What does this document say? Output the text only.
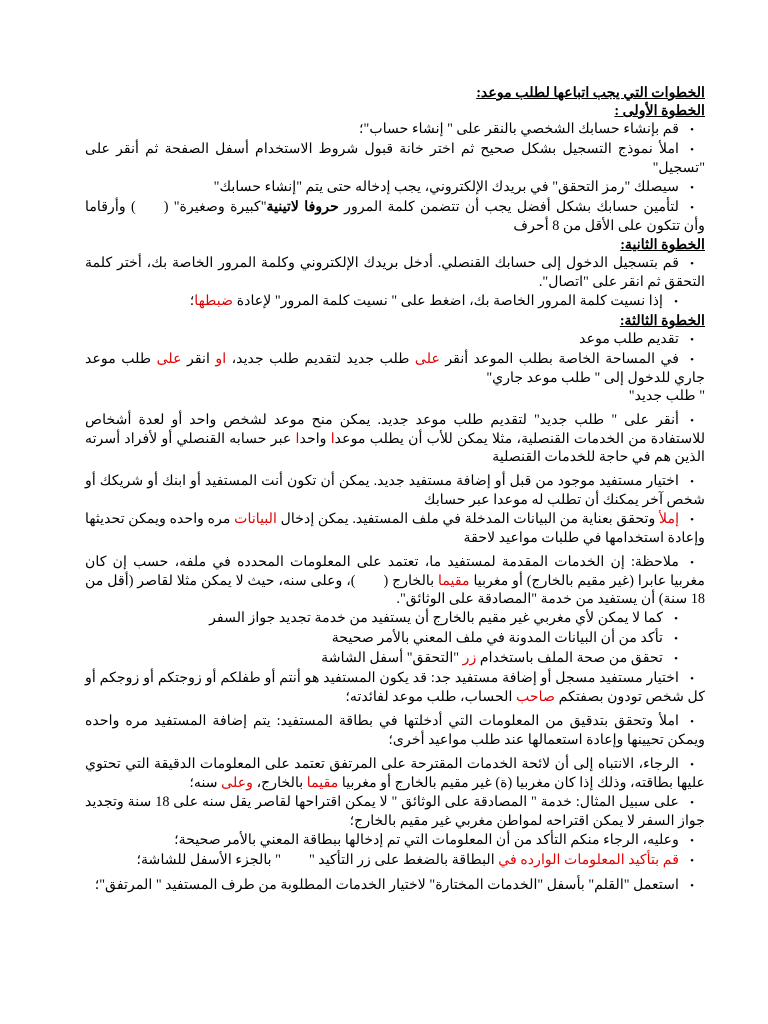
الخطوات التي يجب اتباعها لطلب موعد:

الخطوة الأولى :

• قم بإنشاء حسابك الشخصي بالنقر على " إنشاء حساب"؛
• املأ نموذج التسجيل بشكل صحيح ثم اختر خانة قبول شروط الاستخدام أسفل الصفحة ثم أنقر على "تسجيل"
• سيصلك "رمز التحقق" في بريدك الإلكتروني، يجب إدخاله حتى يتم "إنشاء حسابك"
• لتأمين حسابك بشكل أفضل يجب أن تتضمن كلمة المرور حروفا لاتينية"كبيرة وصغيرة" () وأرقاما وأن تتكون على الأقل من 8 أحرف

الخطوة الثانية:

• قم بتسجيل الدخول إلى حسابك القنصلي. أدخل بريدك الإلكتروني وكلمة المرور الخاصة بك، أختر كلمة التحقق ثم انقر على "اتصال".
• إذا نسيت كلمة المرور الخاصة بك، اضغط على " نسيت كلمة المرور" لإعادة ضبطها؛

الخطوة الثالثة:

• تقديم طلب موعد
• في المساحة الخاصة بطلب الموعد أنقر على طلب جديد لتقديم طلب جديد، او انقر على طلب موعد جاري للدخول إلى " طلب موعد جاري"
" طلب جديد"
• أنقر على " طلب جديد" لتقديم طلب موعد جديد. يمكن منح موعد لشخص واحد أو لعدة أشخاص للاستفادة من الخدمات القنصلية، مثلا يمكن للأب أن يطلب موعدا واحدا عبر حسابه القنصلي أو لأفراد أسرته الذين هم في حاجة للخدمات القنصلية
• اختيار مستفيد موجود من قبل أو إضافة مستفيد جديد. يمكن أن تكون أنت المستفيد أو ابنك أو شريكك أو شخص آخر يمكنك أن تطلب له موعدا عبر حسابك
• إملأ وتحقق بعناية من البيانات المدخلة في ملف المستفيد. يمكن إدخال البيانات مره واحده ويمكن تحديثها وإعادة استخدامها في طلبات مواعيد لاحقة
• ملاحظة: إن الخدمات المقدمة لمستفيد ما، تعتمد على المعلومات المحدده في ملفه، حسب إن كان مغربيا عابرا (غير مقيم بالخارج) أو مغربيا مقيما بالخارج ()، وعلى سنه، حيث لا يمكن مثلا لقاصر (أقل من 18 سنة) أن يستفيد من خدمة "المصادقة على الوثائق".
• كما لا يمكن لأي مغربي غير مقيم بالخارج أن يستفيد من خدمة تجديد جواز السفر
• تأكد من أن البيانات المدونة في ملف المعني بالأمر صحيحة
• تحقق من صحة الملف باستخدام زر "التحقق" أسفل الشاشة
• اختيار مستفيد مسجل أو إضافة مستفيد جد: قد يكون المستفيد هو أنتم أو طفلكم أو زوجتكم أو زوجكم أو كل شخص تودون بصفتكم صاحب الحساب، طلب موعد لفائدته؛
• املأ وتحقق بتدقيق من المعلومات التي أدخلتها في بطاقة المستفيد: يتم إضافة المستفيد مره واحده ويمكن تحيينها وإعادة استعمالها عند طلب مواعيد أخرى؛
• الرجاء، الانتباه إلى أن لائحة الخدمات المقترحة على المرتفق تعتمد على المعلومات الدقيقة التي تحتوي عليها بطاقته، وذلك إذا كان مغربيا (ة) غير مقيم بالخارج أو مغربيا مقيما بالخارج، وعلى سنه؛
• على سبيل المثال: خدمة " المصادقة على الوثائق " لا يمكن اقتراحها لقاصر يقل سنه على 18 سنة وتجديد جواز السفر لا يمكن اقتراحه لمواطن مغربي غير مقيم بالخارج؛
• وعليه، الرجاء منكم التأكد من أن المعلومات التي تم إدخالها ببطاقة المعني بالأمر صحيحة؛
• قم بتأكيد المعلومات الوارده في البطاقة بالضغط على زر التأكيد "" بالجزء الأسفل للشاشة؛
• استعمل "القلم" بأسفل "الخدمات المختارة" لاختيار الخدمات المطلوبة من طرف المستفيد " المرتفق"؛
